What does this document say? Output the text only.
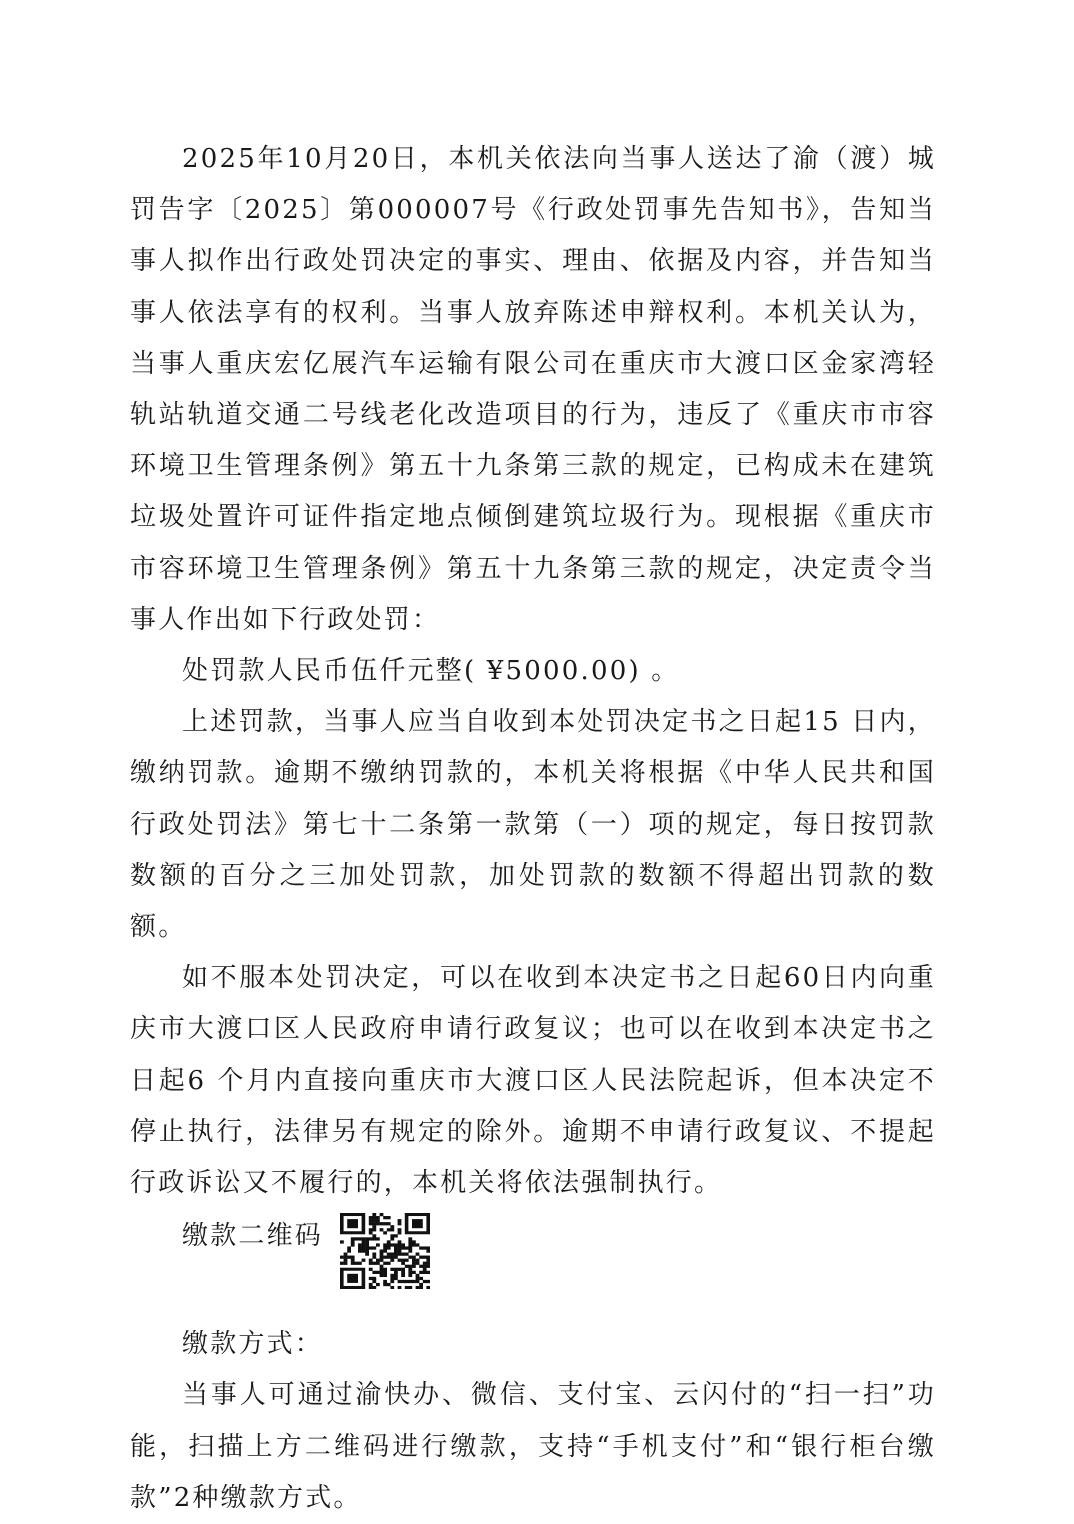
2025年10月20日，本机关依法向当事人送达了渝（渡）城罚告字〔2025〕第000007号《行政处罚事先告知书》，告知当事人拟作出行政处罚决定的事实、理由、依据及内容，并告知当事人依法享有的权利。当事人放弃陈述申辩权利。本机关认为，当事人重庆宏亿展汽车运输有限公司在重庆市大渡口区金家湾轻轨站轨道交通二号线老化改造项目的行为，违反了《重庆市市容环境卫生管理条例》第五十九条第三款的规定，已构成未在建筑垃圾处置许可证件指定地点倾倒建筑垃圾行为。现根据《重庆市市容环境卫生管理条例》第五十九条第三款的规定，决定责令当事人作出如下行政处罚：

处罚款人民币伍仟元整( ¥5000.00) 。

上述罚款，当事人应当自收到本处罚决定书之日起15 日内，缴纳罚款。逾期不缴纳罚款的，本机关将根据《中华人民共和国行政处罚法》第七十二条第一款第（一）项的规定，每日按罚款数额的百分之三加处罚款，加处罚款的数额不得超出罚款的数额。

如不服本处罚决定，可以在收到本决定书之日起60日内向重庆市大渡口区人民政府申请行政复议；也可以在收到本决定书之日起6 个月内直接向重庆市大渡口区人民法院起诉，但本决定不停止执行，法律另有规定的除外。逾期不申请行政复议、不提起行政诉讼又不履行的，本机关将依法强制执行。

缴款二维码

缴款方式：

当事人可通过渝快办、微信、支付宝、云闪付的“扫一扫”功能，扫描上方二维码进行缴款，支持“手机支付”和“银行柜台缴款”2种缴款方式。
